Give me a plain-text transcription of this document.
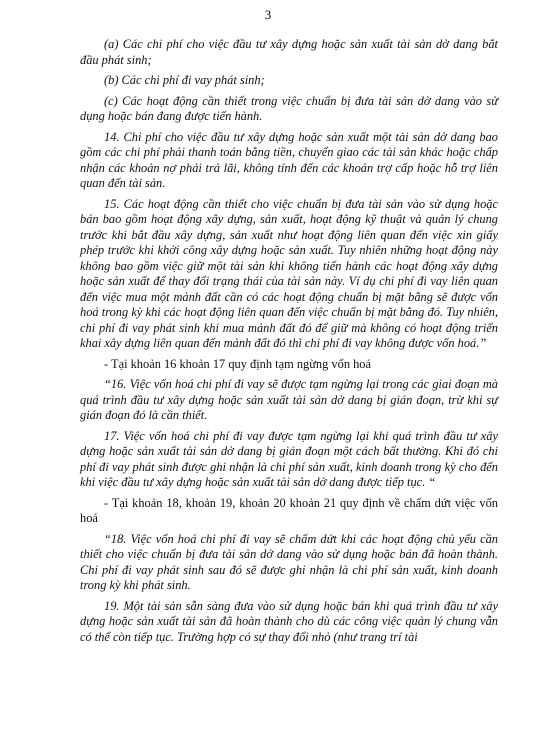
3

(a) Các chi phí cho việc đầu tư xây dựng hoặc sản xuất tài sản dở dang bắt đầu phát sinh;

(b) Các chi phí đi vay phát sinh;

(c) Các hoạt động cần thiết trong việc chuẩn bị đưa tài sản dở dang vào sử dụng hoặc bán đang được tiến hành.

14. Chi phí cho việc đầu tư xây dựng hoặc sản xuất một tài sản dở dang bao gồm các chi phí phải thanh toán bằng tiền, chuyển giao các tài sản khác hoặc chấp nhận các khoản nợ phải trả lãi, không tính đến các khoản trợ cấp hoặc hỗ trợ liên quan đến tài sản.

15. Các hoạt động cần thiết cho việc chuẩn bị đưa tài sản vào sử dụng hoặc bán bao gồm hoạt động xây dựng, sản xuất, hoạt động kỹ thuật và quản lý chung trước khi bắt đầu xây dựng, sản xuất như hoạt động liên quan đến việc xin giấy phép trước khi khởi công xây dựng hoặc sản xuất. Tuy nhiên những hoạt động này không bao gồm việc giữ một tài sản khi không tiến hành các hoạt động xây dựng hoặc sản xuất để thay đổi trạng thái của tài sản này. Ví dụ chi phí đi vay liên quan đến việc mua một mảnh đất cần có các hoạt động chuẩn bị mặt bằng sẽ được vốn hoá trong kỳ khi các hoạt động liên quan đến việc chuẩn bị mặt bằng đó. Tuy nhiên, chi phí đi vay phát sinh khi mua mảnh đất đó để giữ mà không có hoạt động triển khai xây dựng liên quan đến mảnh đất đó thì chi phí đi vay không được vốn hoá.”

- Tại khoản 16 khoản 17 quy định tạm ngừng vốn hoá

“16. Việc vốn hoá chi phí đi vay sẽ được tạm ngừng lại trong các giai đoạn mà quá trình đầu tư xây dựng hoặc sản xuất tài sản dở dang bị gián đoạn, trừ khi sự gián đoạn đó là cần thiết.

17. Việc vốn hoá chi phí đi vay được tạm ngừng lại khi quá trình đầu tư xây dựng hoặc sản xuất tài sản dở dang bị gián đoạn một cách bất thường. Khi đó chi phí đi vay phát sinh được ghi nhận là chi phí sản xuất, kinh doanh trong kỳ cho đến khi việc đầu tư xây dựng hoặc sản xuất tài sản dở dang được tiếp tục. “

- Tại khoản 18, khoản 19, khoản 20 khoản 21 quy định về chấm dứt việc vốn hoá

“18. Việc vốn hoá chi phí đi vay sẽ chấm dứt khi các hoạt động chủ yếu cần thiết cho việc chuẩn bị đưa tài sản dở dang vào sử dụng hoặc bán đã hoàn thành. Chi phí đi vay phát sinh sau đó sẽ được ghi nhận là chi phí sản xuất, kinh doanh trong kỳ khi phát sinh.

19. Một tài sản sẵn sàng đưa vào sử dụng hoặc bán khi quá trình đầu tư xây dựng hoặc sản xuất tài sản đã hoàn thành cho dù các công việc quản lý chung vẫn có thể còn tiếp tục. Trường hợp có sự thay đổi nhỏ (như trang trí tài
